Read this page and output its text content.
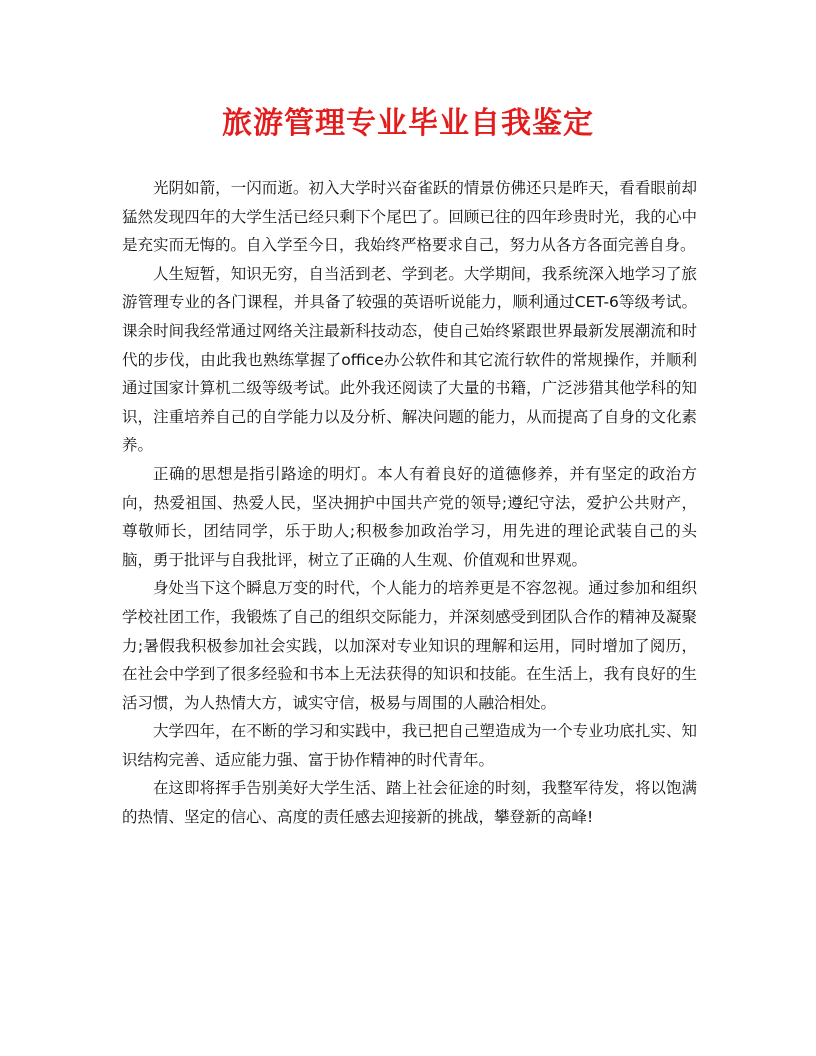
旅游管理专业毕业自我鉴定

光阴如箭，一闪而逝。初入大学时兴奋雀跃的情景仿佛还只是昨天，看看眼前却猛然发现四年的大学生活已经只剩下个尾巴了。回顾已往的四年珍贵时光，我的心中是充实而无悔的。自入学至今日，我始终严格要求自己，努力从各方各面完善自身。

人生短暂，知识无穷，自当活到老、学到老。大学期间，我系统深入地学习了旅游管理专业的各门课程，并具备了较强的英语听说能力，顺利通过CET-6等级考试。课余时间我经常通过网络关注最新科技动态，使自己始终紧跟世界最新发展潮流和时代的步伐，由此我也熟练掌握了office办公软件和其它流行软件的常规操作，并顺利通过国家计算机二级等级考试。此外我还阅读了大量的书籍，广泛涉猎其他学科的知识，注重培养自己的自学能力以及分析、解决问题的能力，从而提高了自身的文化素养。

正确的思想是指引路途的明灯。本人有着良好的道德修养，并有坚定的政治方向，热爱祖国、热爱人民，坚决拥护中国共产党的领导;遵纪守法，爱护公共财产，尊敬师长，团结同学，乐于助人;积极参加政治学习，用先进的理论武装自己的头脑，勇于批评与自我批评，树立了正确的人生观、价值观和世界观。

身处当下这个瞬息万变的时代，个人能力的培养更是不容忽视。通过参加和组织学校社团工作，我锻炼了自己的组织交际能力，并深刻感受到团队合作的精神及凝聚力;暑假我积极参加社会实践，以加深对专业知识的理解和运用，同时增加了阅历，在社会中学到了很多经验和书本上无法获得的知识和技能。在生活上，我有良好的生活习惯，为人热情大方，诚实守信，极易与周围的人融洽相处。

大学四年，在不断的学习和实践中，我已把自己塑造成为一个专业功底扎实、知识结构完善、适应能力强、富于协作精神的时代青年。

在这即将挥手告别美好大学生活、踏上社会征途的时刻，我整军待发，将以饱满的热情、坚定的信心、高度的责任感去迎接新的挑战，攀登新的高峰!
